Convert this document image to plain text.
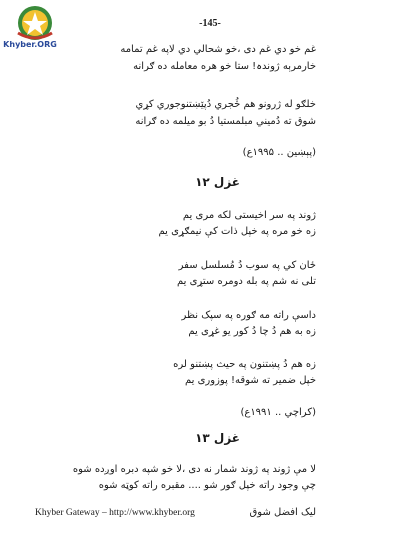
Khyber.ORG
-145-
غم خو دي غم دی ،خو شحالي دي لاپه غم تمامه
خارمرېه ژوندہ! ستا خو هره معامله ده ګرانه
خلګو له ژرونو هم څُجري دُپێښتنوجوري کړي
شوق ته دُمیني مبلمستیا دُ بو میلمه ده ګرانه
(پېښين .. ۱۹۹۵ع)
غزل ۱۲
ژوند په سر اخیستی لکه مری یم
زه خو مره په خپل ذات کې نیمګړی یم
ځان کي په سوب دُ مُسلسل سفر
تلی نه شم په بله دومره ستړی یم
داسې راته مه ګوره په سپک نظر
زه به هم دُ چا دُ کور یو غړی یم
زه هم دُ پښتنون په حیث پښتنو لره
خپل ضمیر ته شوقه! پوزوری یم
(کراچي .. ۱۹۹۱ع)
غزل ۱۳
لا مې ژوند په ژوند شمار نه دی ،لا خو شپه دبره اوږده شوه
چې وجود راته خپل ګور شو .... مقبره راته کوټه شوه
Khyber Gateway – http://www.khyber.org	لیک افضل شوق
